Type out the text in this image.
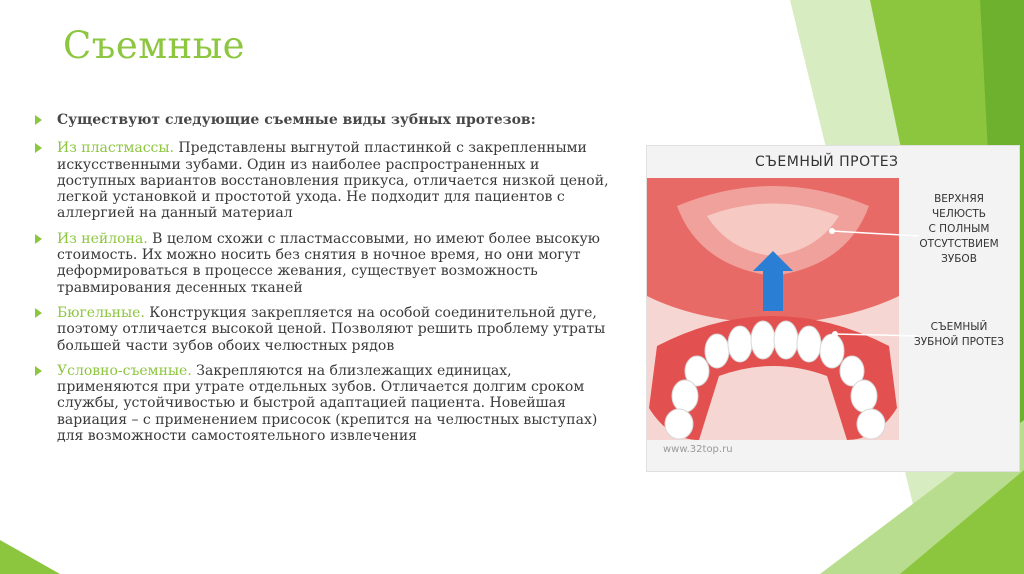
Съемные
Существуют следующие съемные виды зубных протезов:
Из пластмассы. Представлены выгнутой пластинкой с закрепленными искусственными зубами. Один из наиболее распространенных и доступных вариантов восстановления прикуса, отличается низкой ценой, легкой установкой и простотой ухода. Не подходит для пациентов с аллергией на данный материал
Из нейлона. В целом схожи с пластмассовыми, но имеют более высокую стоимость. Их можно носить без снятия в ночное время, но они могут деформироваться в процессе жевания, существует возможность травмирования десенных тканей
Бюгельные. Конструкция закрепляется на особой соединительной дуге, поэтому отличается высокой ценой. Позволяют решить проблему утраты большей части зубов обоих челюстных рядов
Условно-съемные. Закрепляются на близлежащих единицах, применяются при утрате отдельных зубов. Отличается долгим сроком службы, устойчивостью и быстрой адаптацией пациента. Новейшая вариация – с применением присосок (крепится на челюстных выступах) для возможности самостоятельного извлечения
СЪЕМНЫЙ ПРОТЕЗ
ВЕРХНЯЯ
ЧЕЛЮСТЬ
С ПОЛНЫМ
ОТСУТСТВИЕМ
ЗУБОВ
СЪЕМНЫЙ
ЗУБНОЙ ПРОТЕЗ
www.32top.ru
